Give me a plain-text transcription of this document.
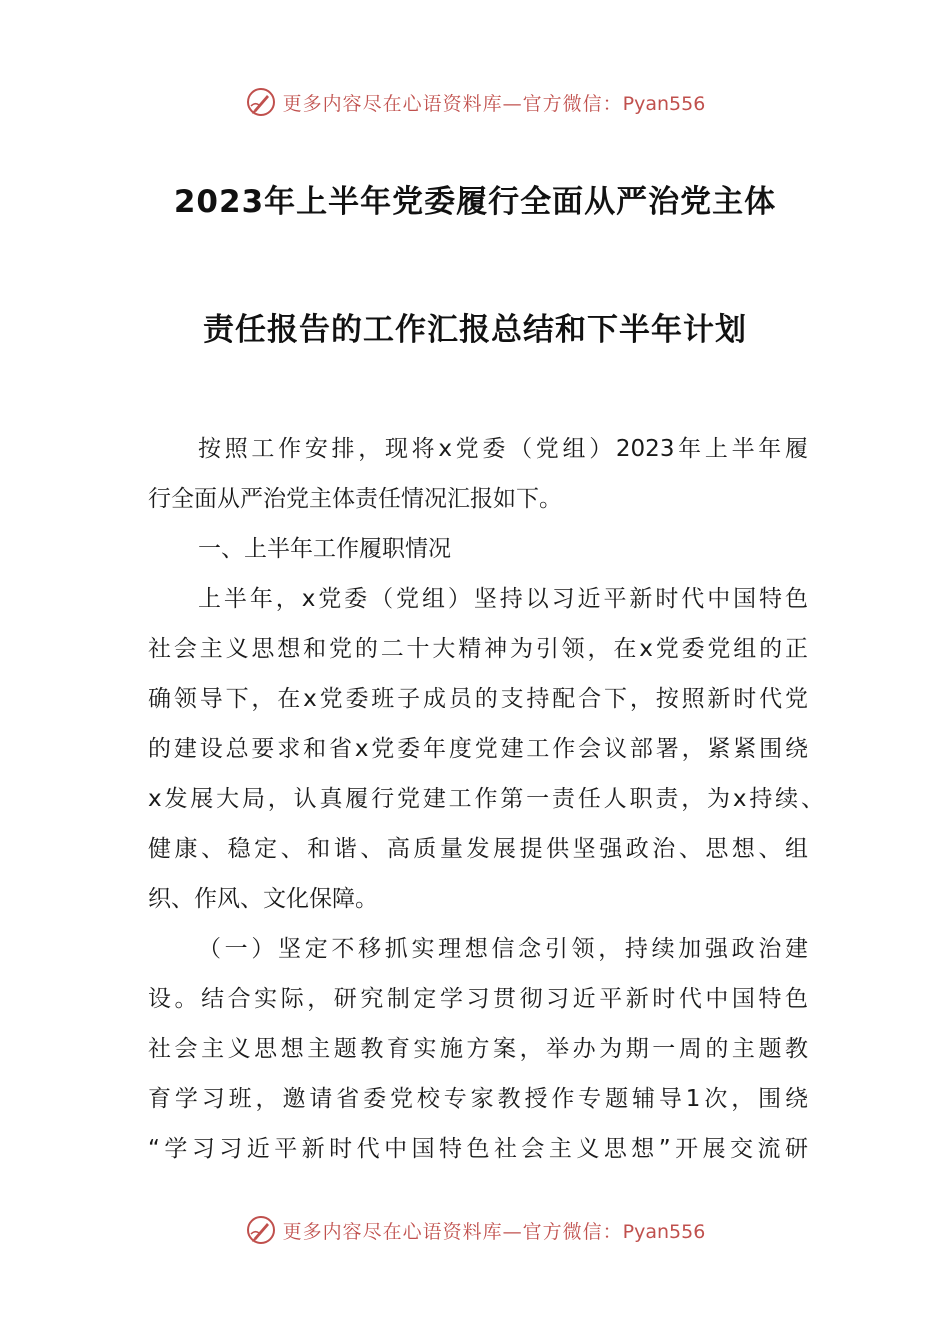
更多内容尽在心语资料库—官方微信：Pyan556
2023年上半年党委履行全面从严治党主体
责任报告的工作汇报总结和下半年计划
按照工作安排，现将x党委（党组）2023年上半年履
行全面从严治党主体责任情况汇报如下。
一、上半年工作履职情况
上半年，x党委（党组）坚持以习近平新时代中国特色
社会主义思想和党的二十大精神为引领，在x党委党组的正
确领导下，在x党委班子成员的支持配合下，按照新时代党
的建设总要求和省x党委年度党建工作会议部署，紧紧围绕
x发展大局，认真履行党建工作第一责任人职责，为x持续、
健康、稳定、和谐、高质量发展提供坚强政治、思想、组
织、作风、文化保障。
（一）坚定不移抓实理想信念引领，持续加强政治建
设。结合实际，研究制定学习贯彻习近平新时代中国特色
社会主义思想主题教育实施方案，举办为期一周的主题教
育学习班，邀请省委党校专家教授作专题辅导1次，围绕
“学习习近平新时代中国特色社会主义思想”开展交流研
更多内容尽在心语资料库—官方微信：Pyan556
